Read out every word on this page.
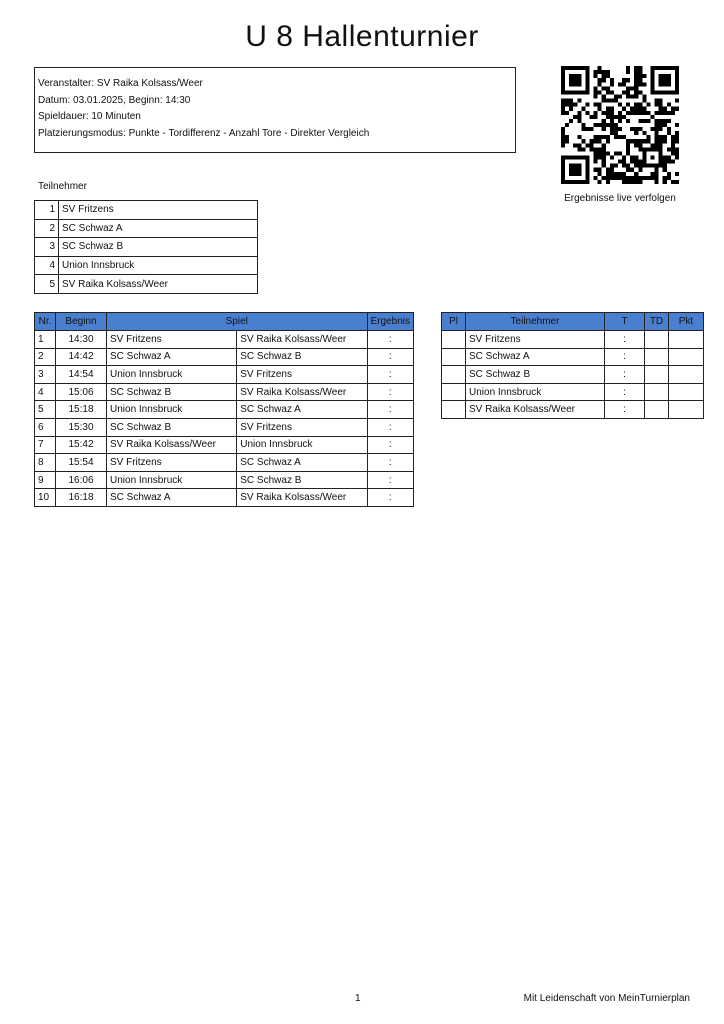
U 8 Hallenturnier
Veranstalter: SV Raika Kolsass/Weer
Datum: 03.01.2025, Beginn: 14:30
Spieldauer: 10 Minuten
Platzierungsmodus: Punkte - Tordifferenz - Anzahl Tore - Direkter Vergleich
Ergebnisse live verfolgen
Teilnehmer
1	SV Fritzens
2	SC Schwaz A
3	SC Schwaz B
4	Union Innsbruck
5	SV Raika Kolsass/Weer
Nr.	Beginn	Spiel		Ergebnis
1	14:30	SV Fritzens	SV Raika Kolsass/Weer	:
2	14:42	SC Schwaz A	SC Schwaz B	:
3	14:54	Union Innsbruck	SV Fritzens	:
4	15:06	SC Schwaz B	SV Raika Kolsass/Weer	:
5	15:18	Union Innsbruck	SC Schwaz A	:
6	15:30	SC Schwaz B	SV Fritzens	:
7	15:42	SV Raika Kolsass/Weer	Union Innsbruck	:
8	15:54	SV Fritzens	SC Schwaz A	:
9	16:06	Union Innsbruck	SC Schwaz B	:
10	16:18	SC Schwaz A	SV Raika Kolsass/Weer	:
Pl	Teilnehmer	T	TD	Pkt
	SV Fritzens	:		
	SC Schwaz A	:		
	SC Schwaz B	:		
	Union Innsbruck	:		
	SV Raika Kolsass/Weer	:		
1	Mit Leidenschaft von MeinTurnierplan
